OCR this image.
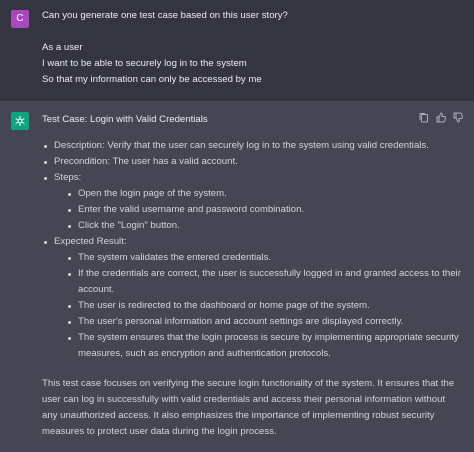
C	Can you generate one test case based on this user story?

As a user
I want to be able to securely log in to the system
So that my information can only be accessed by me
Test Case: Login with Valid Credentials
Description: Verify that the user can securely log in to the system using valid credentials.
Precondition: The user has a valid account.
Steps:
Open the login page of the system.
Enter the valid username and password combination.
Click the "Login" button.
Expected Result:
The system validates the entered credentials.
If the credentials are correct, the user is successfully logged in and granted access to their account.
The user is redirected to the dashboard or home page of the system.
The user's personal information and account settings are displayed correctly.
The system ensures that the login process is secure by implementing appropriate security measures, such as encryption and authentication protocols.

This test case focuses on verifying the secure login functionality of the system. It ensures that the user can log in successfully with valid credentials and access their personal information without any unauthorized access. It also emphasizes the importance of implementing robust security measures to protect user data during the login process.
